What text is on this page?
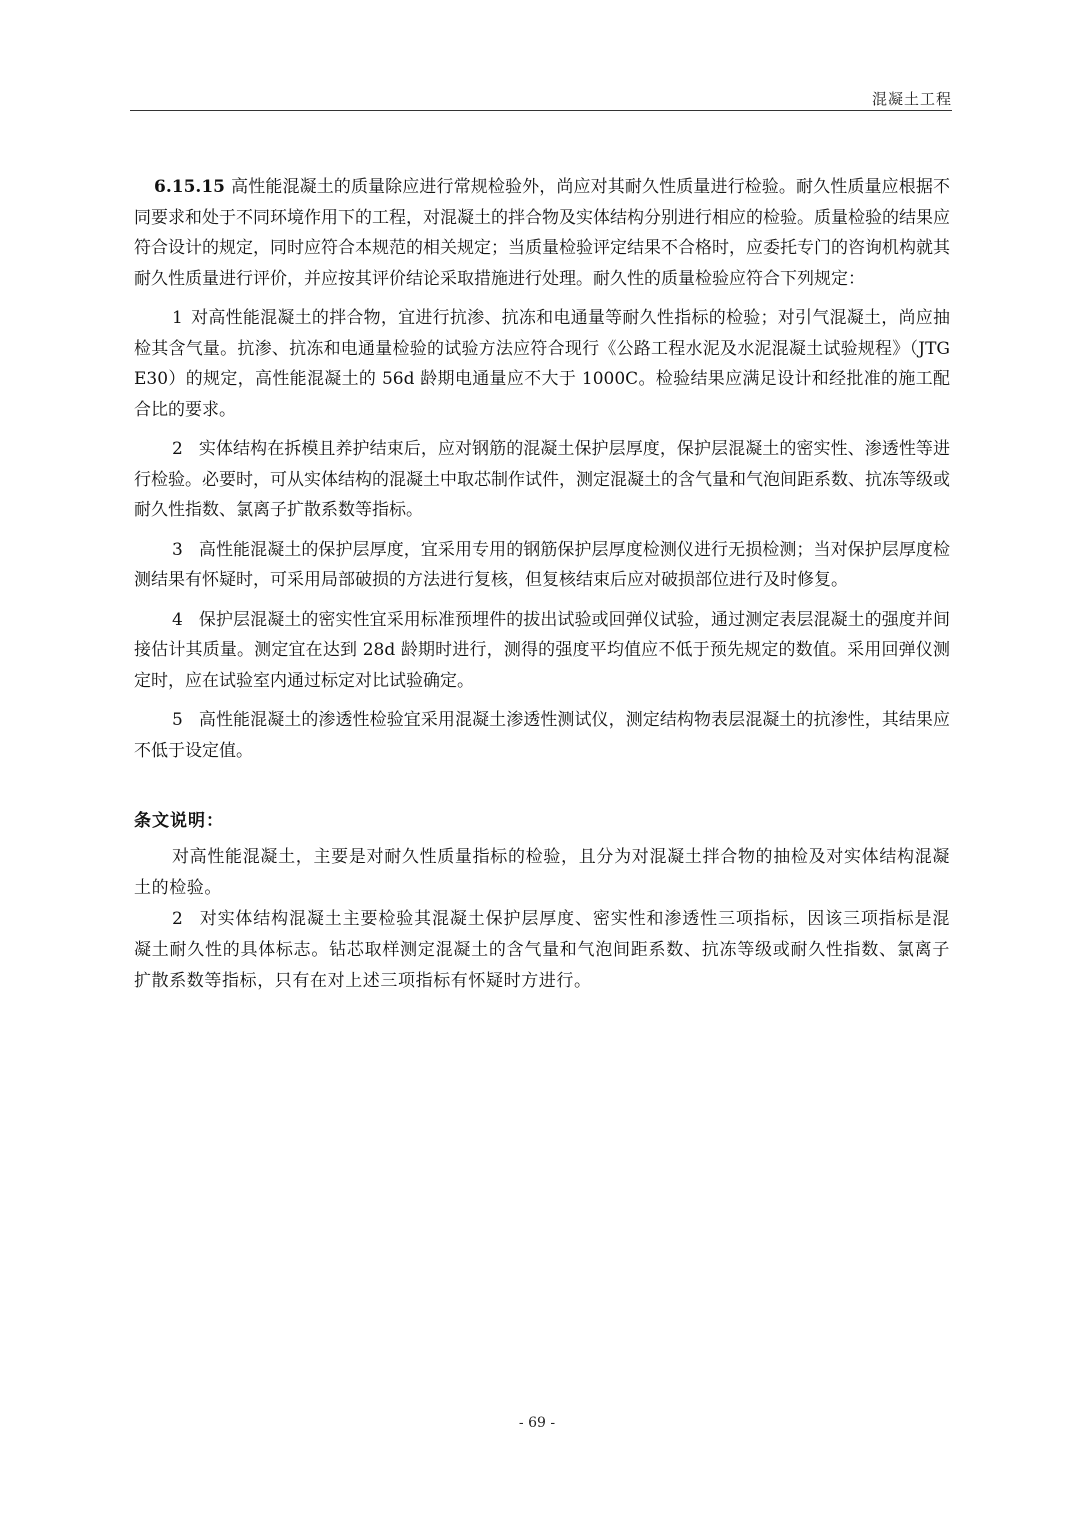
混凝土工程

6.15.15 高性能混凝土的质量除应进行常规检验外，尚应对其耐久性质量进行检验。耐久性质量应根据不同要求和处于不同环境作用下的工程，对混凝土的拌合物及实体结构分别进行相应的检验。质量检验的结果应符合设计的规定，同时应符合本规范的相关规定；当质量检验评定结果不合格时，应委托专门的咨询机构就其耐久性质量进行评价，并应按其评价结论采取措施进行处理。耐久性的质量检验应符合下列规定：

1 对高性能混凝土的拌合物，宜进行抗渗、抗冻和电通量等耐久性指标的检验；对引气混凝土，尚应抽检其含气量。抗渗、抗冻和电通量检验的试验方法应符合现行《公路工程水泥及水泥混凝土试验规程》（JTG E30）的规定，高性能混凝土的 56d 龄期电通量应不大于 1000C。检验结果应满足设计和经批准的施工配合比的要求。

2 实体结构在拆模且养护结束后，应对钢筋的混凝土保护层厚度，保护层混凝土的密实性、渗透性等进行检验。必要时，可从实体结构的混凝土中取芯制作试件，测定混凝土的含气量和气泡间距系数、抗冻等级或耐久性指数、氯离子扩散系数等指标。

3 高性能混凝土的保护层厚度，宜采用专用的钢筋保护层厚度检测仪进行无损检测；当对保护层厚度检测结果有怀疑时，可采用局部破损的方法进行复核，但复核结束后应对破损部位进行及时修复。

4 保护层混凝土的密实性宜采用标准预埋件的拔出试验或回弹仪试验，通过测定表层混凝土的强度并间接估计其质量。测定宜在达到 28d 龄期时进行，测得的强度平均值应不低于预先规定的数值。采用回弹仪测定时，应在试验室内通过标定对比试验确定。

5 高性能混凝土的渗透性检验宜采用混凝土渗透性测试仪，测定结构物表层混凝土的抗渗性，其结果应不低于设定值。

条文说明：

对高性能混凝土，主要是对耐久性质量指标的检验，且分为对混凝土拌合物的抽检及对实体结构混凝土的检验。

2 对实体结构混凝土主要检验其混凝土保护层厚度、密实性和渗透性三项指标，因该三项指标是混凝土耐久性的具体标志。钻芯取样测定混凝土的含气量和气泡间距系数、抗冻等级或耐久性指数、氯离子扩散系数等指标，只有在对上述三项指标有怀疑时方进行。

- 69 -
